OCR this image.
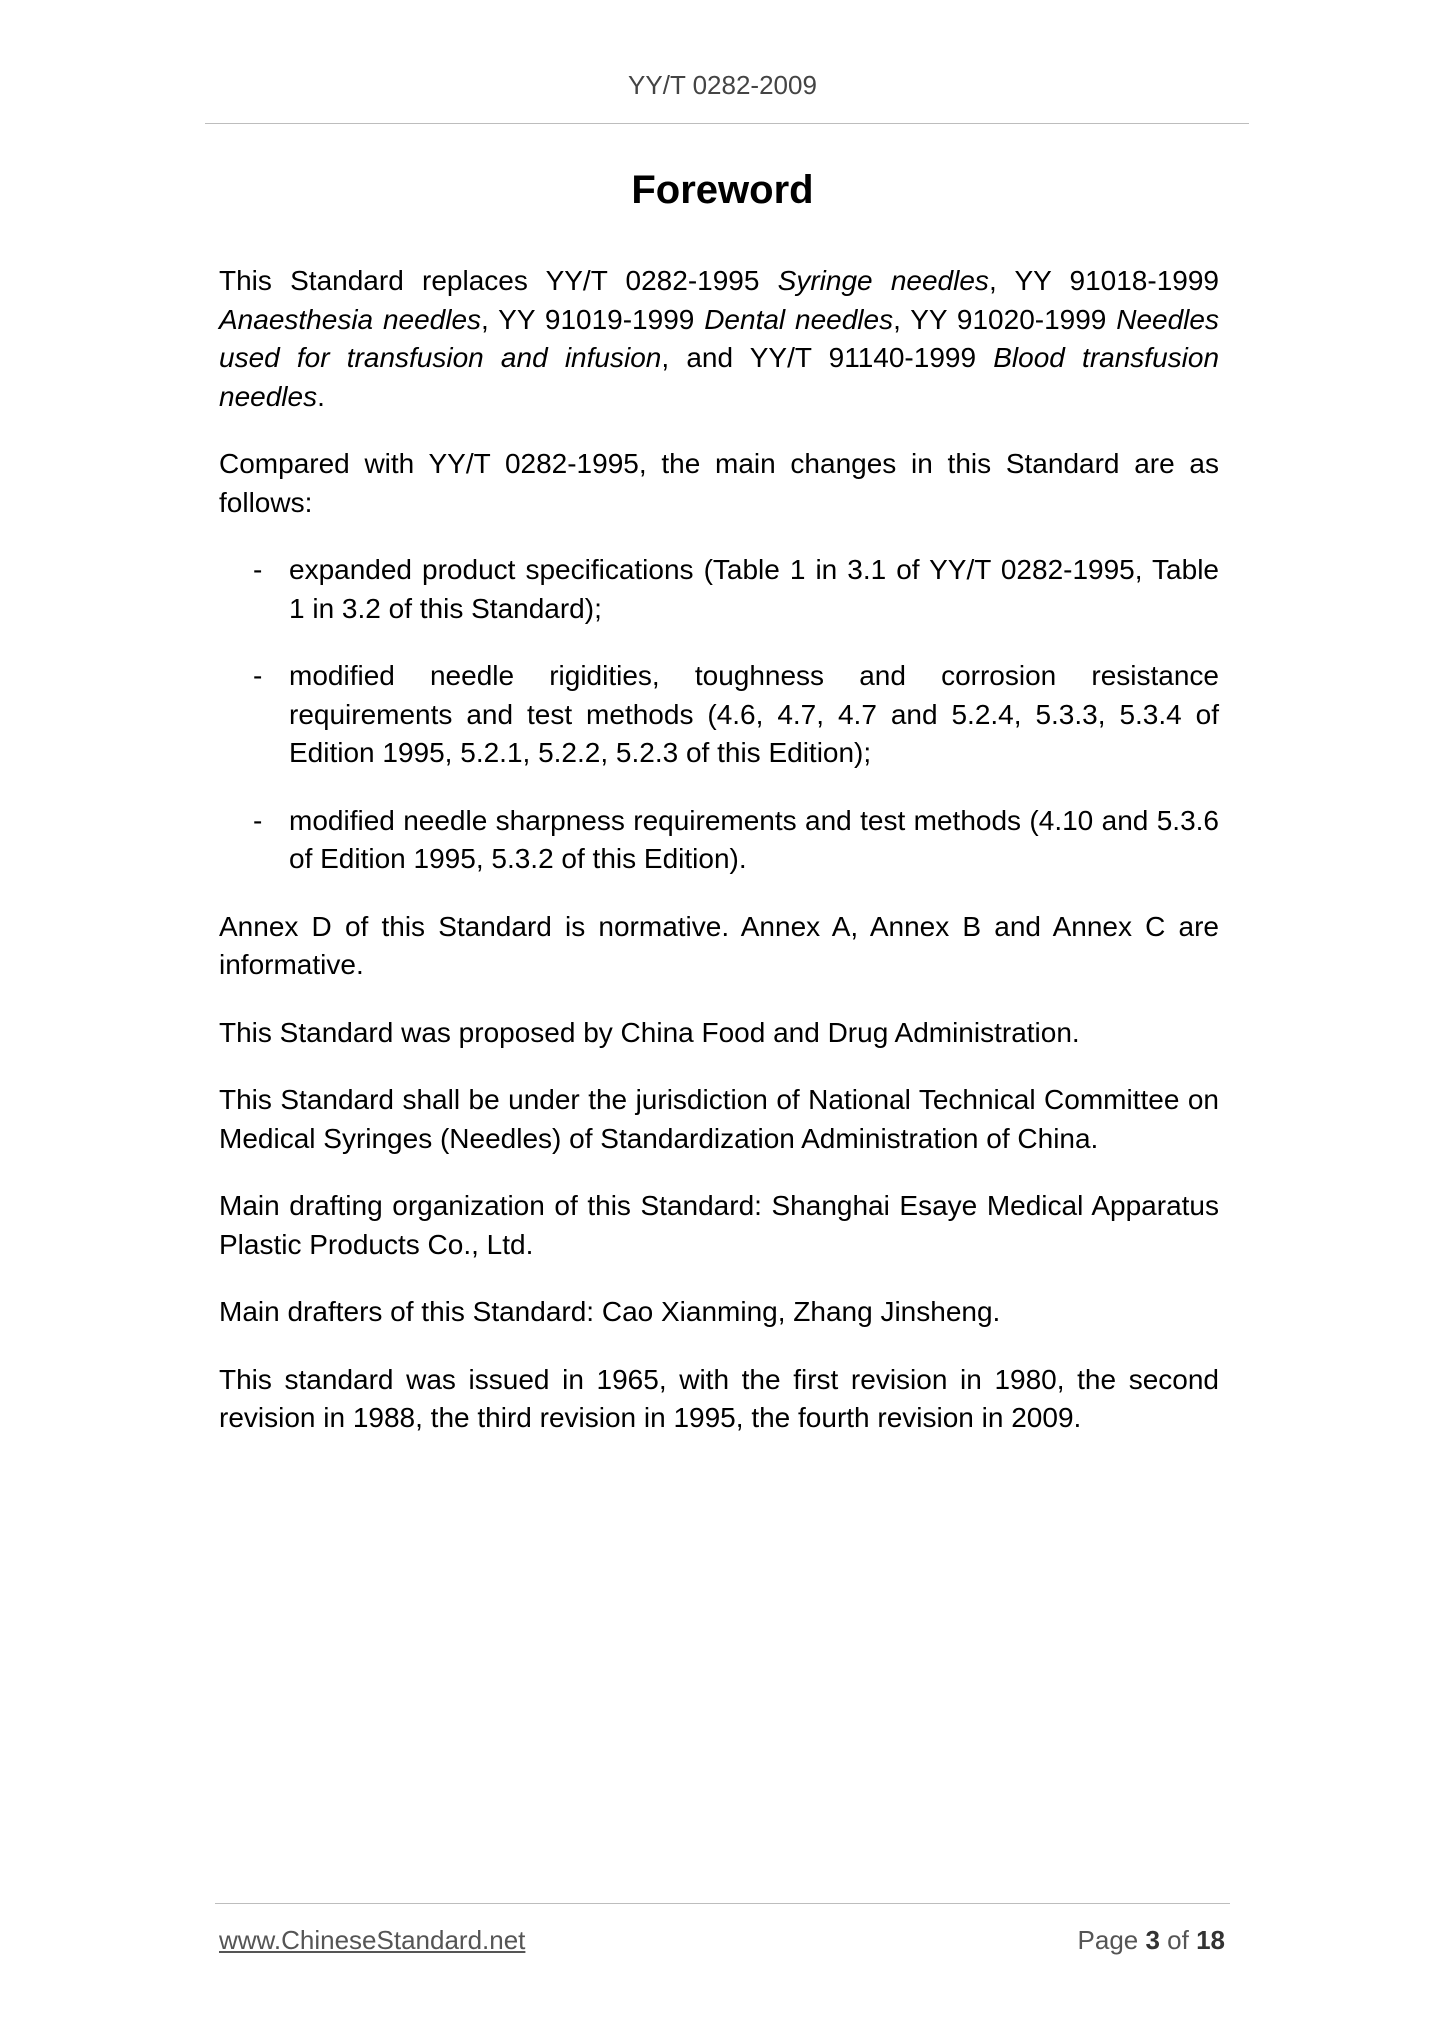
YY/T 0282-2009
Foreword

This Standard replaces YY/T 0282-1995 Syringe needles, YY 91018-1999 Anaesthesia needles, YY 91019-1999 Dental needles, YY 91020-1999 Needles used for transfusion and infusion, and YY/T 91140-1999 Blood transfusion needles.

Compared with YY/T 0282-1995, the main changes in this Standard are as follows:

- expanded product specifications (Table 1 in 3.1 of YY/T 0282-1995, Table 1 in 3.2 of this Standard);
- modified needle rigidities, toughness and corrosion resistance requirements and test methods (4.6, 4.7, 4.7 and 5.2.4, 5.3.3, 5.3.4 of Edition 1995, 5.2.1, 5.2.2, 5.2.3 of this Edition);
- modified needle sharpness requirements and test methods (4.10 and 5.3.6 of Edition 1995, 5.3.2 of this Edition).

Annex D of this Standard is normative. Annex A, Annex B and Annex C are informative.

This Standard was proposed by China Food and Drug Administration.

This Standard shall be under the jurisdiction of National Technical Committee on Medical Syringes (Needles) of Standardization Administration of China.

Main drafting organization of this Standard: Shanghai Esaye Medical Apparatus Plastic Products Co., Ltd.

Main drafters of this Standard: Cao Xianming, Zhang Jinsheng.

This standard was issued in 1965, with the first revision in 1980, the second revision in 1988, the third revision in 1995, the fourth revision in 2009.

www.ChineseStandard.net	Page 3 of 18
